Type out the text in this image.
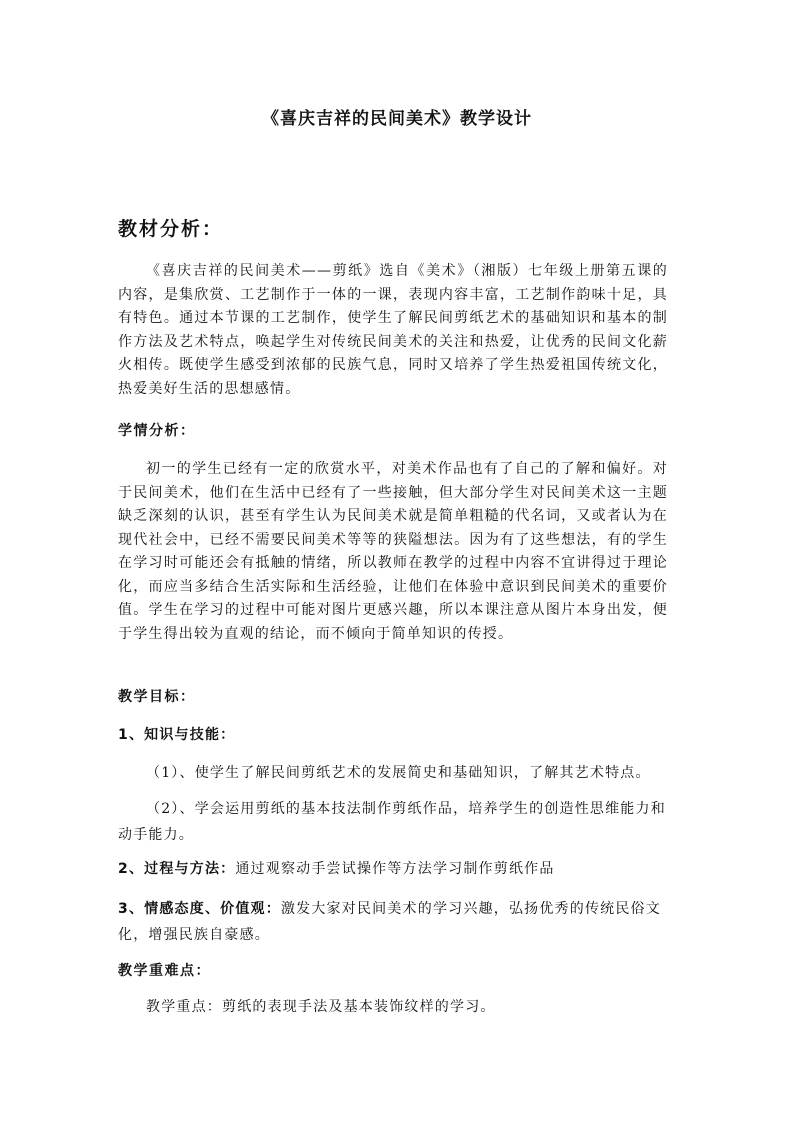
《喜庆吉祥的民间美术》教学设计
教材分析：
《喜庆吉祥的民间美术——剪纸》选自《美术》（湘版）七年级上册第五课的内容，是集欣赏、工艺制作于一体的一课，表现内容丰富，工艺制作韵味十足，具有特色。通过本节课的工艺制作，使学生了解民间剪纸艺术的基础知识和基本的制作方法及艺术特点，唤起学生对传统民间美术的关注和热爱，让优秀的民间文化薪火相传。既使学生感受到浓郁的民族气息，同时又培养了学生热爱祖国传统文化，热爱美好生活的思想感情。
学情分析：
初一的学生已经有一定的欣赏水平，对美术作品也有了自己的了解和偏好。对于民间美术，他们在生活中已经有了一些接触，但大部分学生对民间美术这一主题缺乏深刻的认识，甚至有学生认为民间美术就是简单粗糙的代名词，又或者认为在现代社会中，已经不需要民间美术等等的狭隘想法。因为有了这些想法，有的学生在学习时可能还会有抵触的情绪，所以教师在教学的过程中内容不宜讲得过于理论化，而应当多结合生活实际和生活经验，让他们在体验中意识到民间美术的重要价值。学生在学习的过程中可能对图片更感兴趣，所以本课注意从图片本身出发，便于学生得出较为直观的结论，而不倾向于简单知识的传授。
教学目标：
1、知识与技能：
（1）、使学生了解民间剪纸艺术的发展简史和基础知识，了解其艺术特点。
（2）、学会运用剪纸的基本技法制作剪纸作品，培养学生的创造性思维能力和动手能力。
2、过程与方法：通过观察动手尝试操作等方法学习制作剪纸作品
3、情感态度、价值观：激发大家对民间美术的学习兴趣，弘扬优秀的传统民俗文化，增强民族自豪感。
教学重难点：
教学重点：剪纸的表现手法及基本装饰纹样的学习。
